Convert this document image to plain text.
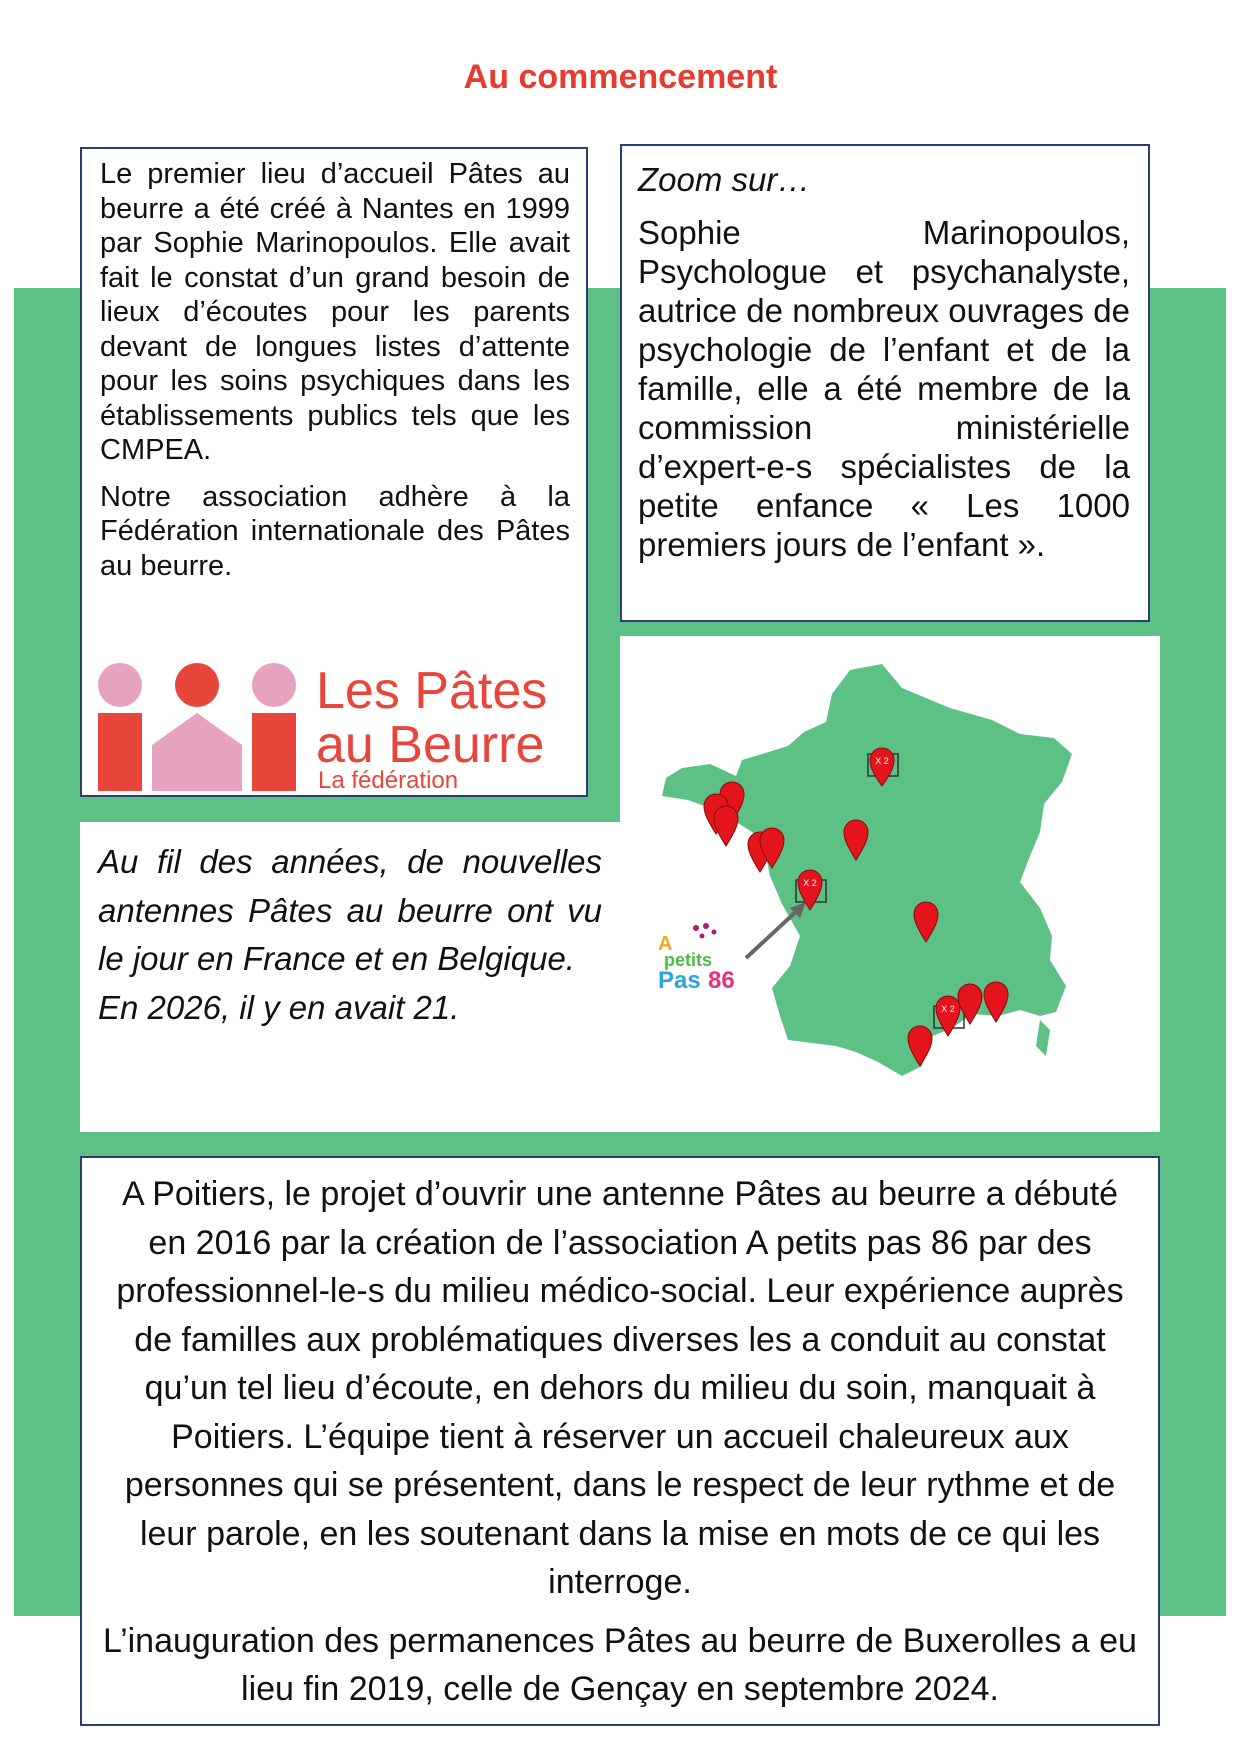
Au commencement

Le premier lieu d’accueil Pâtes au beurre a été créé à Nantes en 1999 par Sophie Marinopoulos. Elle avait fait le constat d’un grand besoin de lieux d’écoutes pour les parents devant de longues listes d’attente pour les soins psychiques dans les établissements publics tels que les CMPEA.

Notre association adhère à la Fédération internationale des Pâtes au beurre.

Les Pâtes
au Beurre
La fédération

Zoom sur…

Sophie Marinopoulos, Psychologue et psychanalyste, autrice de nombreux ouvrages de psychologie de l’enfant et de la famille, elle a été membre de la commission ministérielle d’expert-e-s spécialistes de la petite enfance « Les 1000 premiers jours de l’enfant ».

Au fil des années, de nouvelles antennes Pâtes au beurre ont vu le jour en France et en Belgique.

En 2026, il y en avait 21.

X 2
X 2
X 2
A
petits
Pas 86

A Poitiers, le projet d’ouvrir une antenne Pâtes au beurre a débuté en 2016 par la création de l’association A petits pas 86 par des professionnel-le-s du milieu médico-social. Leur expérience auprès de familles aux problématiques diverses les a conduit au constat qu’un tel lieu d’écoute, en dehors du milieu du soin, manquait à Poitiers. L’équipe tient à réserver un accueil chaleureux aux personnes qui se présentent, dans le respect de leur rythme et de leur parole, en les soutenant dans la mise en mots de ce qui les interroge.

L’inauguration des permanences Pâtes au beurre de Buxerolles a eu lieu fin 2019, celle de Gençay en septembre 2024.
